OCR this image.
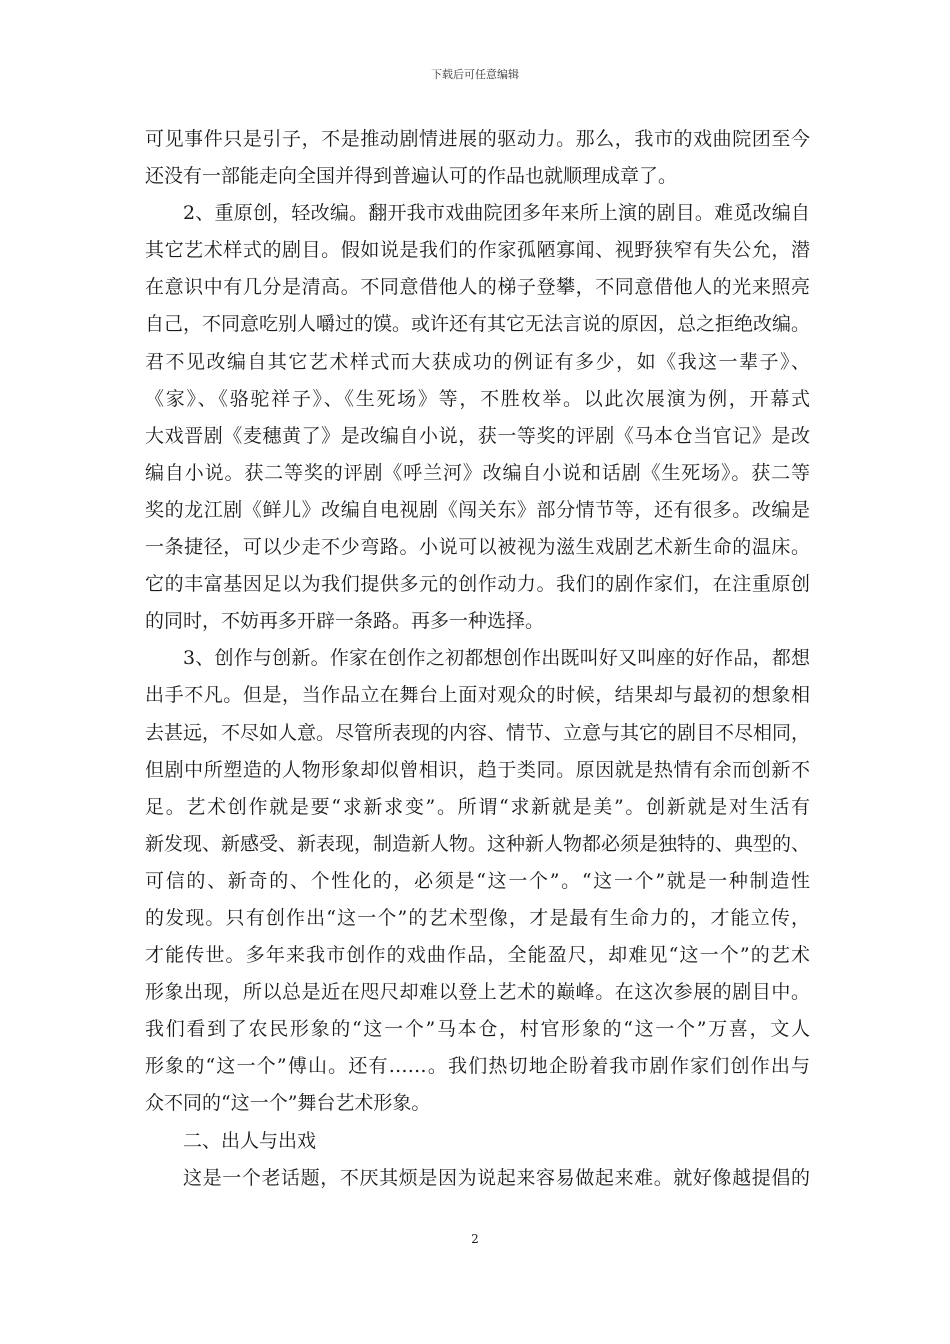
下载后可任意编辑
可见事件只是引子，不是推动剧情进展的驱动力。那么，我市的戏曲院团至今
还没有一部能走向全国并得到普遍认可的作品也就顺理成章了。
2、重原创，轻改编。翻开我市戏曲院团多年来所上演的剧目。难觅改编自
其它艺术样式的剧目。假如说是我们的作家孤陋寡闻、视野狭窄有失公允，潜
在意识中有几分是清高。不同意借他人的梯子登攀，不同意借他人的光来照亮
自己，不同意吃别人嚼过的馍。或许还有其它无法言说的原因，总之拒绝改编。
君不见改编自其它艺术样式而大获成功的例证有多少，如《我这一辈子》、
《家》、《骆驼祥子》、《生死场》等，不胜枚举。以此次展演为例，开幕式
大戏晋剧《麦穗黄了》是改编自小说，获一等奖的评剧《马本仓当官记》是改
编自小说。获二等奖的评剧《呼兰河》改编自小说和话剧《生死场》。获二等
奖的龙江剧《鲜儿》改编自电视剧《闯关东》部分情节等，还有很多。改编是
一条捷径，可以少走不少弯路。小说可以被视为滋生戏剧艺术新生命的温床。
它的丰富基因足以为我们提供多元的创作动力。我们的剧作家们，在注重原创
的同时，不妨再多开辟一条路。再多一种选择。
3、创作与创新。作家在创作之初都想创作出既叫好又叫座的好作品，都想
出手不凡。但是，当作品立在舞台上面对观众的时候，结果却与最初的想象相
去甚远，不尽如人意。尽管所表现的内容、情节、立意与其它的剧目不尽相同，
但剧中所塑造的人物形象却似曾相识，趋于类同。原因就是热情有余而创新不
足。艺术创作就是要“求新求变”。所谓“求新就是美”。创新就是对生活有
新发现、新感受、新表现，制造新人物。这种新人物都必须是独特的、典型的、
可信的、新奇的、个性化的，必须是“这一个”。“这一个”就是一种制造性
的发现。只有创作出“这一个”的艺术型像，才是最有生命力的，才能立传，
才能传世。多年来我市创作的戏曲作品，全能盈尺，却难见“这一个”的艺术
形象出现，所以总是近在咫尺却难以登上艺术的巅峰。在这次参展的剧目中。
我们看到了农民形象的“这一个”马本仓，村官形象的“这一个”万喜，文人
形象的“这一个”傅山。还有……。我们热切地企盼着我市剧作家们创作出与
众不同的“这一个”舞台艺术形象。
二、出人与出戏
这是一个老话题，不厌其烦是因为说起来容易做起来难。就好像越提倡的
2
